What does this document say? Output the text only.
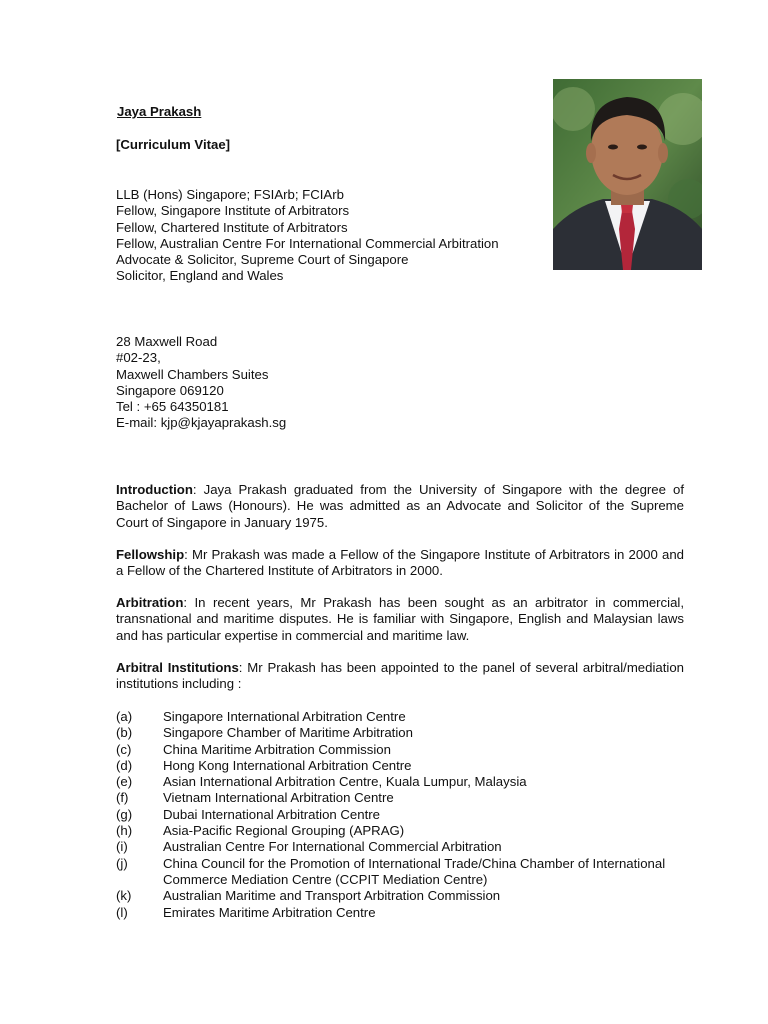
Jaya Prakash
[Curriculum Vitae]
LLB (Hons) Singapore; FSIArb; FCIArb
Fellow, Singapore Institute of Arbitrators
Fellow, Chartered Institute of Arbitrators
Fellow, Australian Centre For International Commercial Arbitration
Advocate & Solicitor, Supreme Court of Singapore
Solicitor, England and Wales
28 Maxwell Road
#02-23,
Maxwell Chambers Suites
Singapore 069120
Tel : +65 64350181
E-mail: kjp@kjayaprakash.sg
Introduction: Jaya Prakash graduated from the University of Singapore with the degree of Bachelor of Laws (Honours). He was admitted as an Advocate and Solicitor of the Supreme Court of Singapore in January 1975.
Fellowship: Mr Prakash was made a Fellow of the Singapore Institute of Arbitrators in 2000 and a Fellow of the Chartered Institute of Arbitrators in 2000.
Arbitration: In recent years, Mr Prakash has been sought as an arbitrator in commercial, transnational and maritime disputes. He is familiar with Singapore, English and Malaysian laws and has particular expertise in commercial and maritime law.
Arbitral Institutions: Mr Prakash has been appointed to the panel of several arbitral/mediation institutions including :
(a)	Singapore International Arbitration Centre
(b)	Singapore Chamber of Maritime Arbitration
(c)	China Maritime Arbitration Commission
(d)	Hong Kong International Arbitration Centre
(e)	Asian International Arbitration Centre, Kuala Lumpur, Malaysia
(f)	Vietnam International Arbitration Centre
(g)	Dubai International Arbitration Centre
(h)	Asia-Pacific Regional Grouping (APRAG)
(i)	Australian Centre For International Commercial Arbitration
(j)	China Council for the Promotion of International Trade/China Chamber of International Commerce Mediation Centre (CCPIT Mediation Centre)
(k)	Australian Maritime and Transport Arbitration Commission
(l)	Emirates Maritime Arbitration Centre
